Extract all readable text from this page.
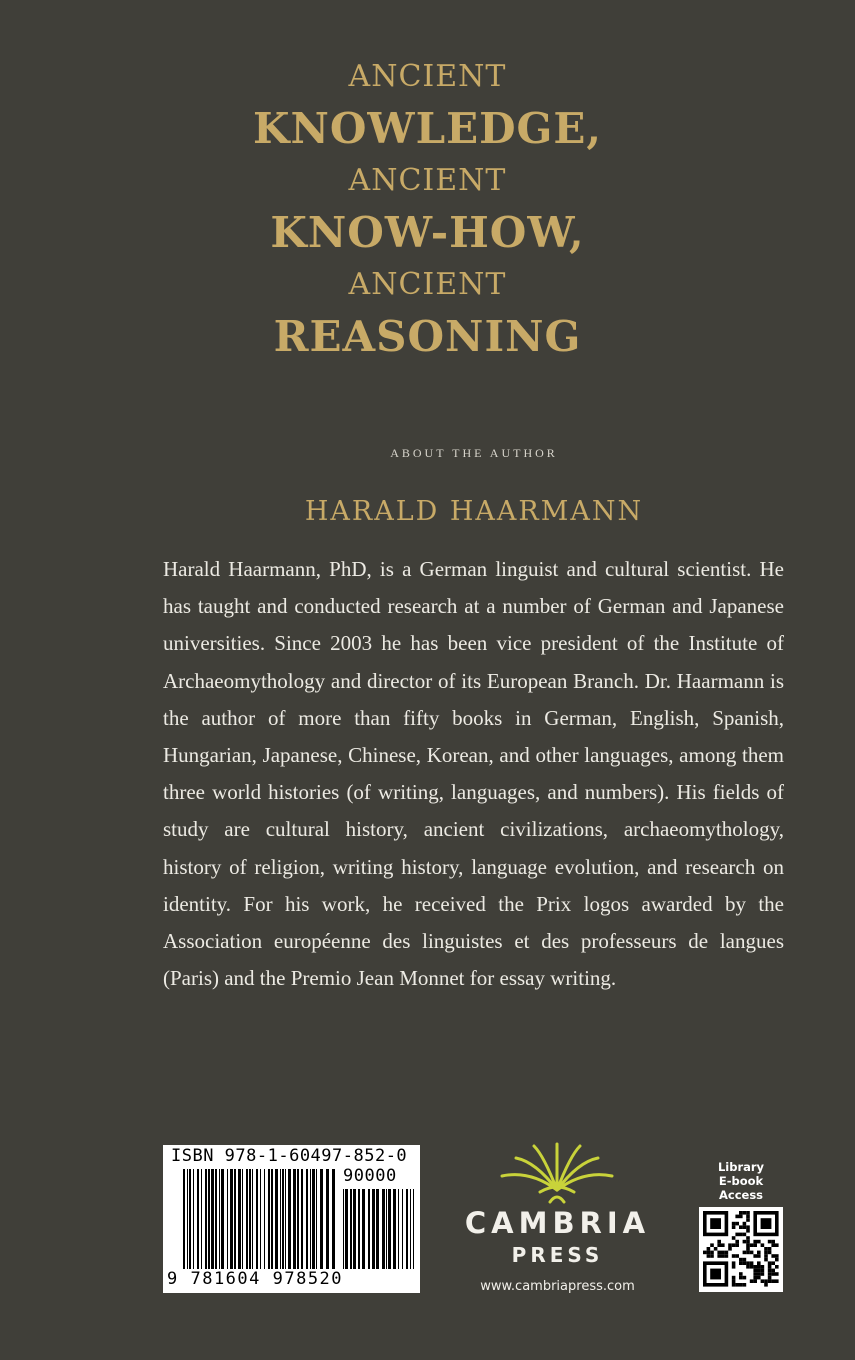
ANCIENT
KNOWLEDGE,
ANCIENT
KNOW-HOW,
ANCIENT
REASONING
ABOUT THE AUTHOR
HARALD HAARMANN

Harald Haarmann, PhD, is a German linguist and cultural scientist. He has taught and conducted research at a number of German and Japanese universities. Since 2003 he has been vice president of the Institute of Archaeomythology and director of its European Branch. Dr. Haarmann is the author of more than fifty books in German, English, Spanish, Hungarian, Japanese, Chinese, Korean, and other languages, among them three world histories (of writing, languages, and numbers). His fields of study are cultural history, ancient civilizations, archaeomythology, history of religion, writing history, language evolution, and research on identity. For his work, he received the Prix logos awarded by the Association européenne des linguistes et des professeurs de langues (Paris) and the Premio Jean Monnet for essay writing.

ISBN 978-1-60497-852-0
90000
9 781604 978520
CAMBRIA
PRESS
www.cambriapress.com
Library
E-book
Access
